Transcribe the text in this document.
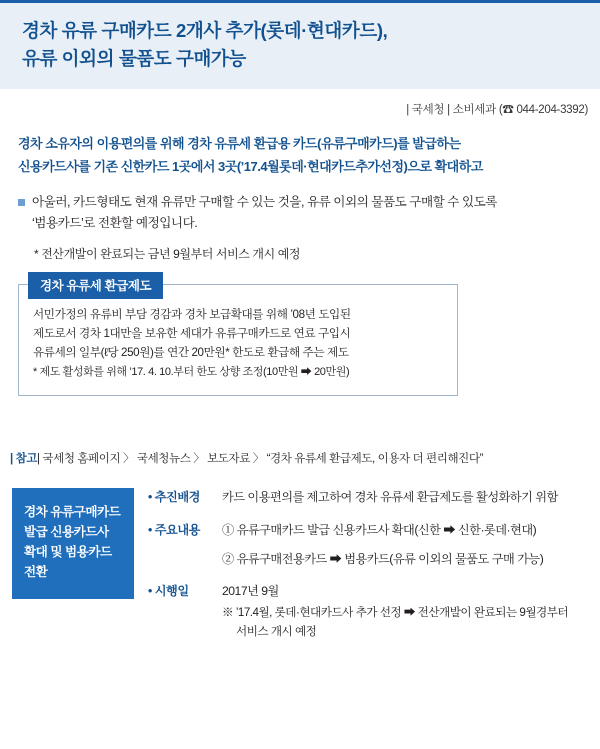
경차 유류 구매카드 2개사 추가(롯데·현대카드),
유류 이외의 물품도 구매가능
| 국세청 | 소비세과 (☎ 044-204-3392)
경차 소유자의 이용편의를 위해 경차 유류세 환급용 카드(유류구매카드)를 발급하는
신용카드사를 기존 신한카드 1곳에서 3곳(’17.4월롯데·현대카드추가선정)으로 확대하고
아울러, 카드형태도 현재 유류만 구매할 수 있는 것을, 유류 이외의 물품도 구매할 수 있도록
‘범용카드’로 전환할 예정입니다.
* 전산개발이 완료되는 금년 9월부터 서비스 개시 예정
경차 유류세 환급제도
서민가정의 유류비 부담 경감과 경차 보급확대를 위해 ’08년 도입된
제도로서 경차 1대만을 보유한 세대가 유류구매카드로 연료 구입시
유류세의 일부(ℓ당 250원)를 연간 20만원* 한도로 환급해 주는 제도
* 제도 활성화를 위해 ’17. 4. 10.부터 한도 상향 조정(10만원 ➡ 20만원)
| 참고| 국세청 홈페이지 〉 국세청뉴스 〉 보도자료 〉 “경차 유류세 환급제도, 이용자 더 편리해진다”
경차 유류구매카드
발급 신용카드사
확대 및 범용카드
전환
• 추진배경	카드 이용편의를 제고하여 경차 유류세 환급제도를 활성화하기 위함
• 주요내용	① 유류구매카드 발급 신용카드사 확대(신한 ➡ 신한·롯데·현대)
② 유류구매전용카드 ➡ 범용카드(유류 이외의 물품도 구매 가능)
• 시행일	2017년 9월
※ ’17.4월, 롯데·현대카드사 추가 선정 ➡ 전산개발이 완료되는 9월경부터
서비스 개시 예정
